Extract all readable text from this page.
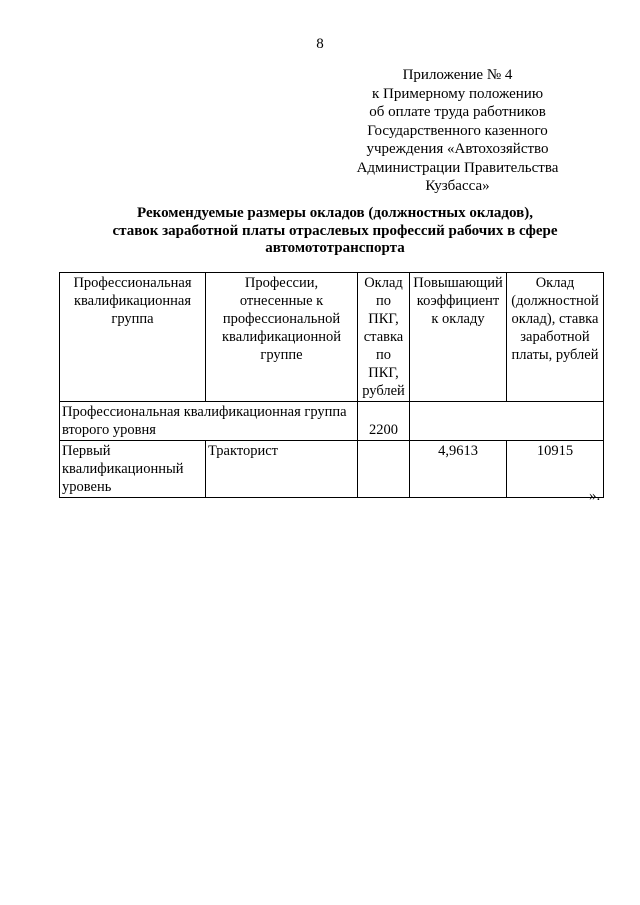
8
Приложение № 4
к Примерному положению
об оплате труда работников
Государственного казенного
учреждения «Автохозяйство
Администрации Правительства
Кузбасса»
Рекомендуемые размеры окладов (должностных окладов),
ставок заработной платы отраслевых профессий рабочих в сфере
автомототранспорта
Профессиональная квалификационная группа	Профессии, отнесенные к профессиональной квалификационной группе	Оклад по ПКГ, ставка по ПКГ, рублей	Повышающий коэффициент к окладу	Оклад (должностной оклад), ставка заработной платы, рублей
Профессиональная квалификационная группа второго уровня		2200		
Первый квалификационный уровень	Тракторист		4,9613	10915
».
